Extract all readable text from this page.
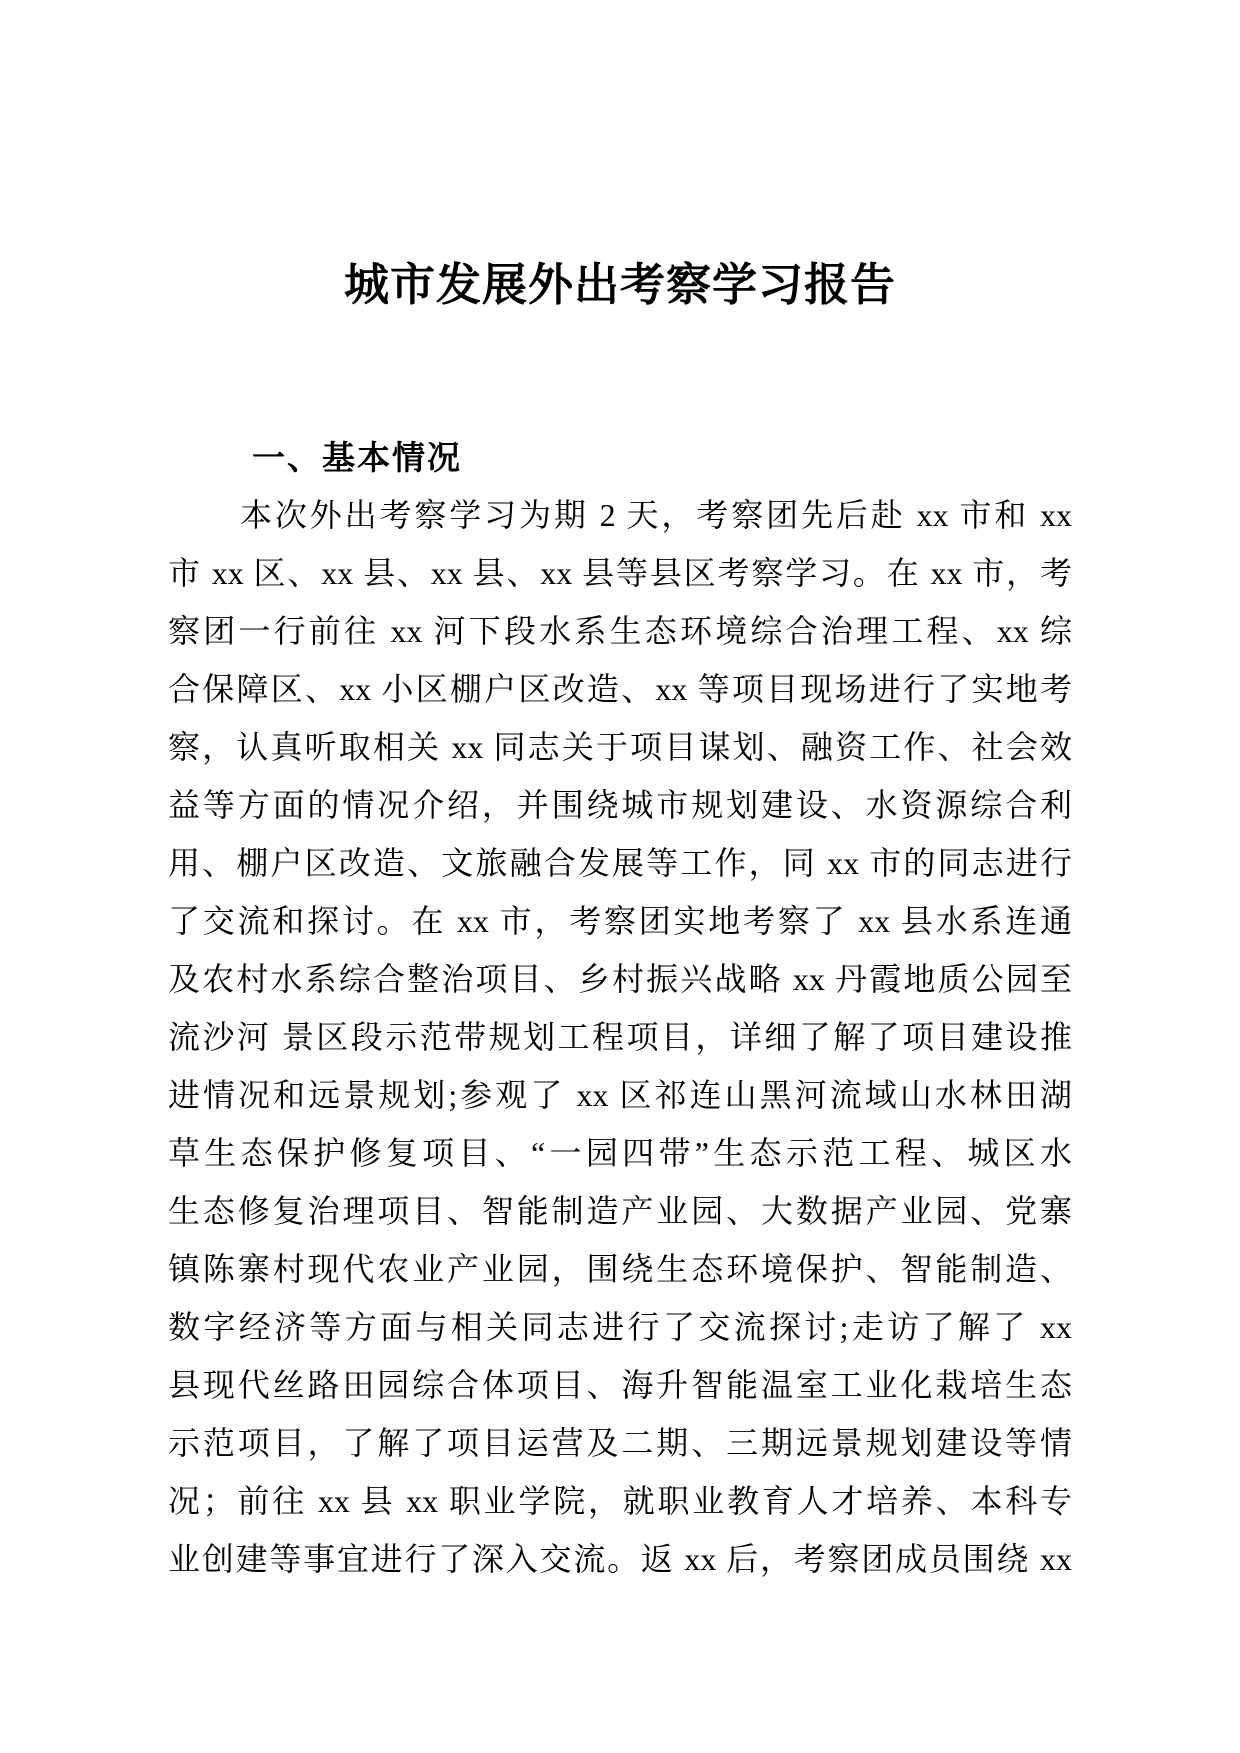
城市发展外出考察学习报告
一、基本情况
本次外出考察学习为期 2 天，考察团先后赴 xx 市和 xx
市 xx 区、xx 县、xx 县、xx 县等县区考察学习。在 xx 市，考
察团一行前往 xx 河下段水系生态环境综合治理工程、xx 综
合保障区、xx 小区棚户区改造、xx 等项目现场进行了实地考
察，认真听取相关 xx 同志关于项目谋划、融资工作、社会效
益等方面的情况介绍，并围绕城市规划建设、水资源综合利
用、棚户区改造、文旅融合发展等工作，同 xx 市的同志进行
了交流和探讨。在 xx 市，考察团实地考察了 xx 县水系连通
及农村水系综合整治项目、乡村振兴战略 xx 丹霞地质公园至
流沙河 景区段示范带规划工程项目，详细了解了项目建设推
进情况和远景规划;参观了 xx 区祁连山黑河流域山水林田湖
草生态保护修复项目、“一园四带”生态示范工程、城区水
生态修复治理项目、智能制造产业园、大数据产业园、党寨
镇陈寨村现代农业产业园，围绕生态环境保护、智能制造、
数字经济等方面与相关同志进行了交流探讨;走访了解了 xx
县现代丝路田园综合体项目、海升智能温室工业化栽培生态
示范项目，了解了项目运营及二期、三期远景规划建设等情
况；前往 xx 县 xx 职业学院，就职业教育人才培养、本科专
业创建等事宜进行了深入交流。返 xx 后，考察团成员围绕 xx
